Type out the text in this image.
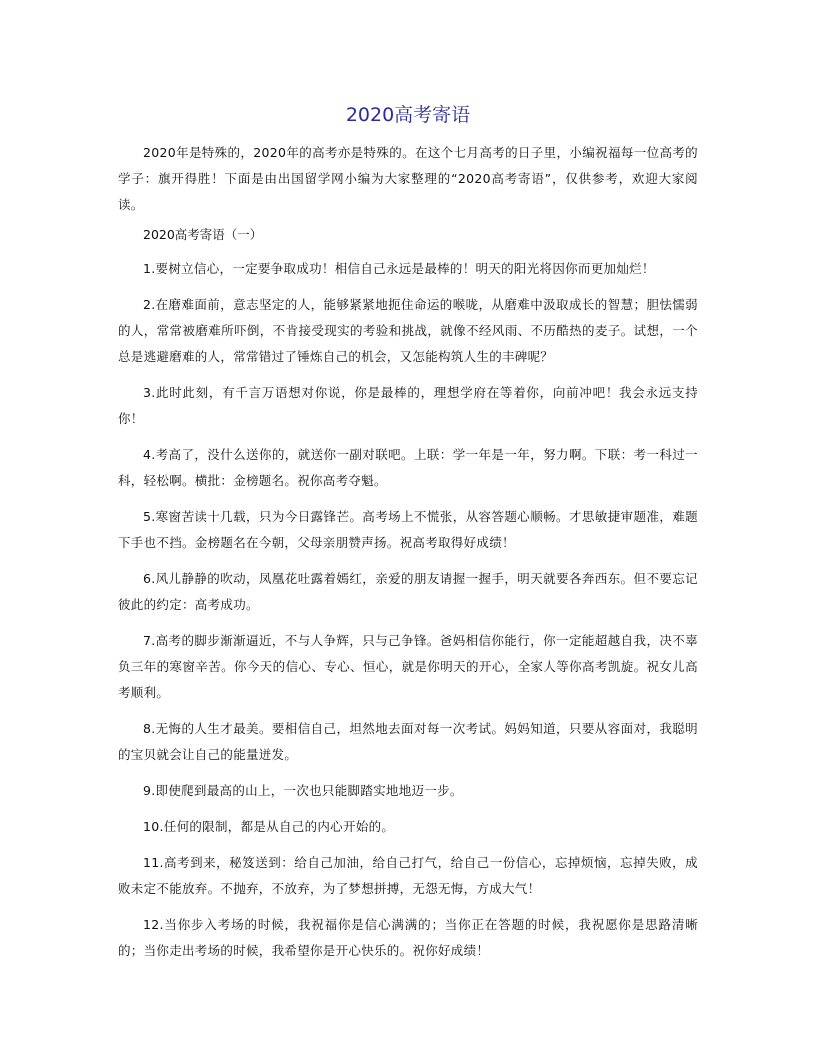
2020高考寄语

2020年是特殊的，2020年的高考亦是特殊的。在这个七月高考的日子里，小编祝福每一位高考的学子：旗开得胜！下面是由出国留学网小编为大家整理的“2020高考寄语”，仅供参考，欢迎大家阅读。

2020高考寄语（一）

1.要树立信心，一定要争取成功！相信自己永远是最棒的！明天的阳光将因你而更加灿烂！

2.在磨难面前，意志坚定的人，能够紧紧地扼住命运的喉咙，从磨难中汲取成长的智慧；胆怯懦弱的人，常常被磨难所吓倒，不肯接受现实的考验和挑战，就像不经风雨、不历酷热的麦子。试想，一个总是逃避磨难的人，常常错过了锤炼自己的机会，又怎能构筑人生的丰碑呢？

3.此时此刻，有千言万语想对你说，你是最棒的，理想学府在等着你，向前冲吧！我会永远支持你！

4.考高了，没什么送你的，就送你一副对联吧。上联：学一年是一年，努力啊。下联：考一科过一科，轻松啊。横批：金榜题名。祝你高考夺魁。

5.寒窗苦读十几载，只为今日露锋芒。高考场上不慌张，从容答题心顺畅。才思敏捷审题准，难题下手也不挡。金榜题名在今朝，父母亲朋赞声扬。祝高考取得好成绩！

6.风儿静静的吹动，凤凰花吐露着嫣红，亲爱的朋友请握一握手，明天就要各奔西东。但不要忘记彼此的约定：高考成功。

7.高考的脚步渐渐逼近，不与人争辉，只与己争锋。爸妈相信你能行，你一定能超越自我，决不辜负三年的寒窗辛苦。你今天的信心、专心、恒心，就是你明天的开心，全家人等你高考凯旋。祝女儿高考顺利。

8.无悔的人生才最美。要相信自己，坦然地去面对每一次考试。妈妈知道，只要从容面对，我聪明的宝贝就会让自己的能量迸发。

9.即使爬到最高的山上，一次也只能脚踏实地地迈一步。

10.任何的限制，都是从自己的内心开始的。

11.高考到来，秘笈送到：给自己加油，给自己打气，给自己一份信心，忘掉烦恼，忘掉失败，成败未定不能放弃。不抛弃，不放弃，为了梦想拼搏，无怨无悔，方成大气！

12.当你步入考场的时候，我祝福你是信心满满的；当你正在答题的时候，我祝愿你是思路清晰的；当你走出考场的时候，我希望你是开心快乐的。祝你好成绩！
